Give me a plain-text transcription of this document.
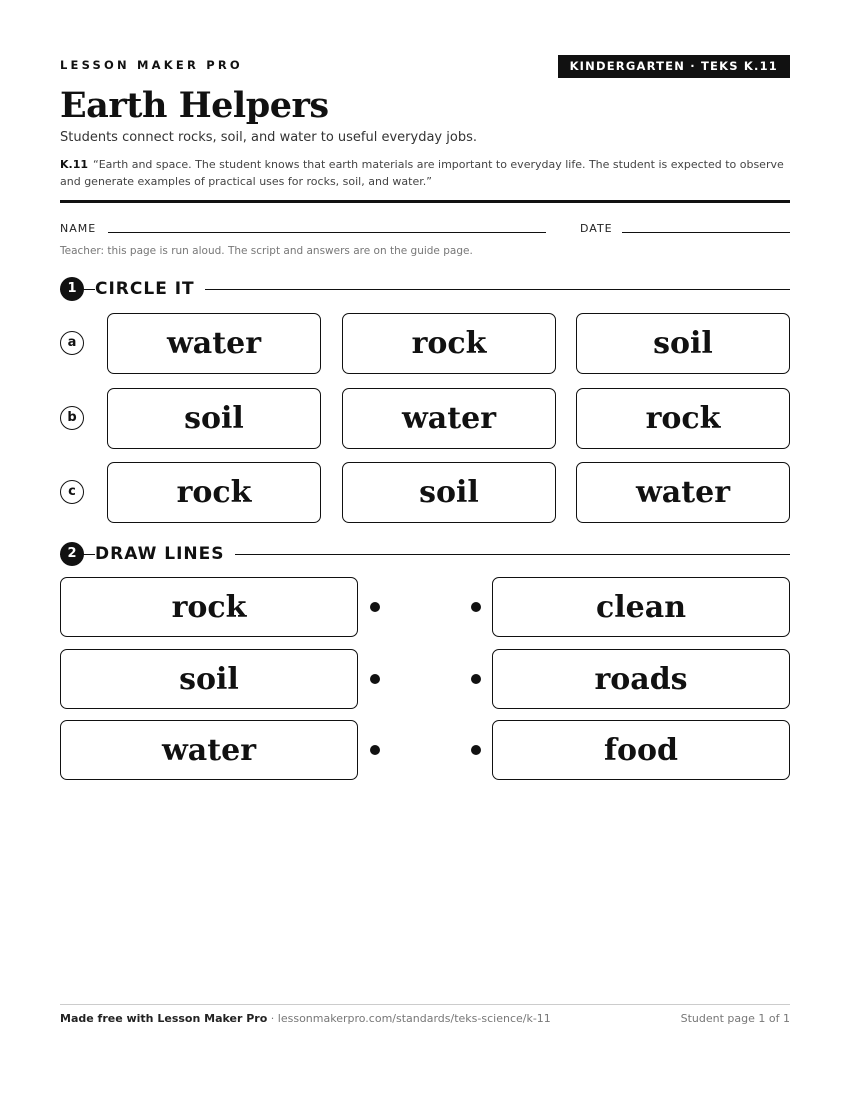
LESSON MAKER PRO	KINDERGARTEN · TEKS K.11
Earth Helpers
Students connect rocks, soil, and water to useful everyday jobs.
K.11 “Earth and space. The student knows that earth materials are important to everyday life. The student is expected to observe and generate examples of practical uses for rocks, soil, and water.”
NAME	DATE
Teacher: this page is run aloud. The script and answers are on the guide page.
1	CIRCLE IT
a	water	rock	soil
b	soil	water	rock
c	rock	soil	water
2	DRAW LINES
rock	clean
soil	roads
water	food
Made free with Lesson Maker Pro · lessonmakerpro.com/standards/teks-science/k-11	Student page 1 of 1
